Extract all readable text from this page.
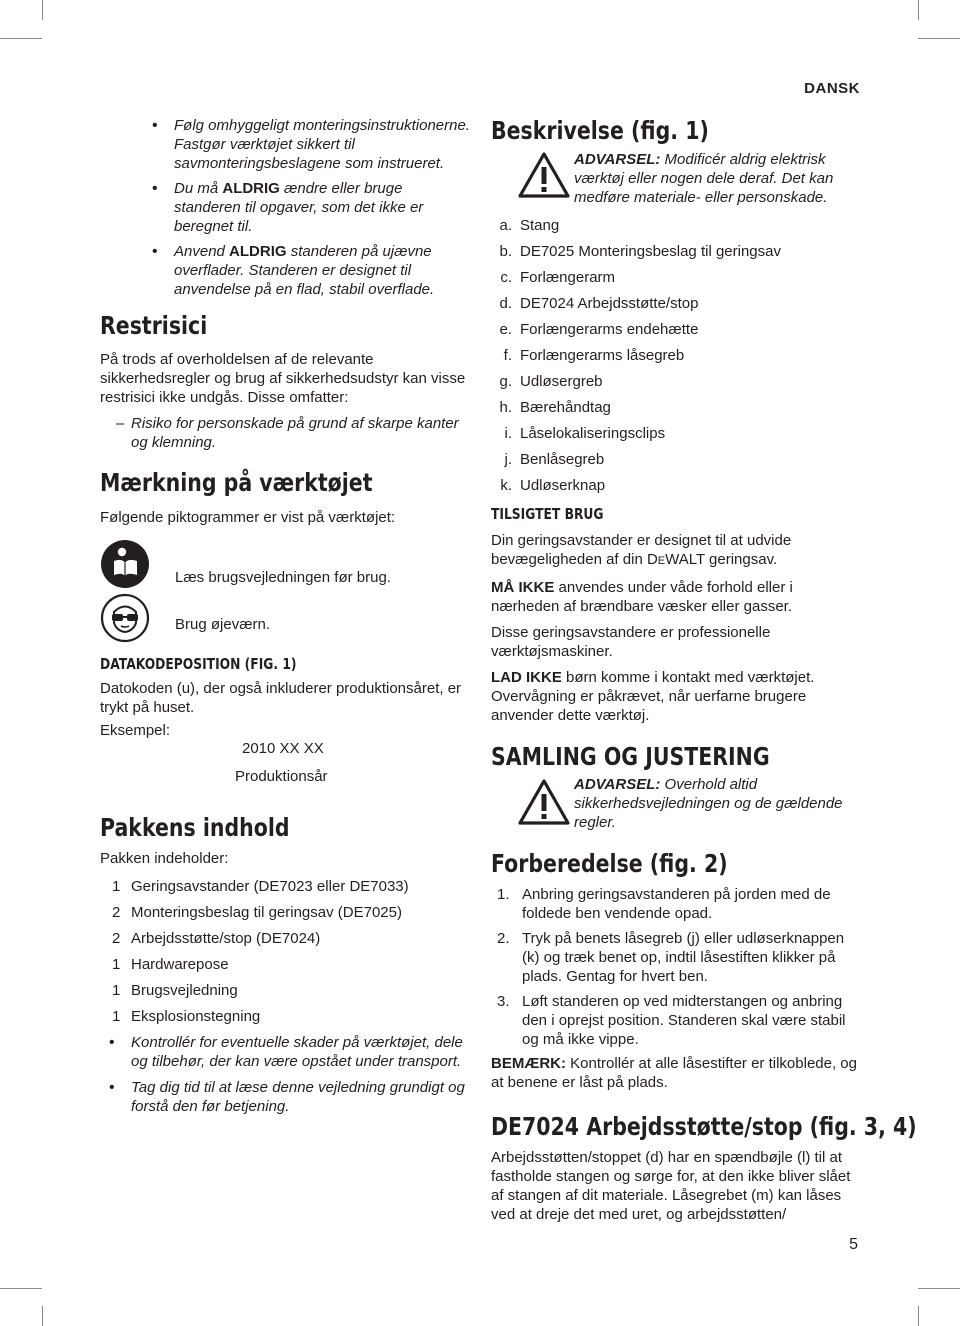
DANSK
• Følg omhyggeligt monteringsinstruktionerne. Fastgør værktøjet sikkert til savmonteringsbeslagene som instrueret.
• Du må ALDRIG ændre eller bruge standeren til opgaver, som det ikke er beregnet til.
• Anvend ALDRIG standeren på ujævne overflader. Standeren er designet til anvendelse på en flad, stabil overflade.
Restrisici

På trods af overholdelsen af de relevante sikkerhedsregler og brug af sikkerhedsudstyr kan visse restrisici ikke undgås. Disse omfatter:

– Risiko for personskade på grund af skarpe kanter og klemning.
Mærkning på værktøjet

Følgende piktogrammer er vist på værktøjet:

Læs brugsvejledningen før brug.
Brug øjeværn.
DATAKODEPOSITION (FIG. 1)

Datokoden (u), der også inkluderer produktionsåret, er trykt på huset.

Eksempel:
2010 XX XX
Produktionsår
Pakkens indhold

Pakken indeholder:

1 Geringsavstander (DE7023 eller DE7033)
2 Monteringsbeslag til geringsav (DE7025)
2 Arbejdsstøtte/stop (DE7024)
1 Hardwarepose
1 Brugsvejledning
1 Eksplosionstegning
• Kontrollér for eventuelle skader på værktøjet, dele og tilbehør, der kan være opstået under transport.
• Tag dig tid til at læse denne vejledning grundigt og forstå den før betjening.
Beskrivelse (fig. 1)
ADVARSEL: Modificér aldrig elektrisk værktøj eller nogen dele deraf. Det kan medføre materiale- eller personskade.
a. Stang
b. DE7025 Monteringsbeslag til geringsav
c. Forlængerarm
d. DE7024 Arbejdsstøtte/stop
e. Forlængerarms endehætte
f. Forlængerarms låsegreb
g. Udløsergreb
h. Bærehåndtag
i. Låselokaliseringsclips
j. Benlåsegreb
k. Udløserknap
TILSIGTET BRUG

Din geringsavstander er designet til at udvide bevægeligheden af din DEWALT geringsav.

MÅ IKKE anvendes under våde forhold eller i nærheden af brændbare væsker eller gasser.

Disse geringsavstandere er professionelle værktøjsmaskiner.

LAD IKKE børn komme i kontakt med værktøjet. Overvågning er påkrævet, når uerfarne brugere anvender dette værktøj.

SAMLING OG JUSTERING
ADVARSEL: Overhold altid sikkerhedsvejledningen og de gældende regler.
Forberedelse (fig. 2)
1. Anbring geringsavstanderen på jorden med de foldede ben vendende opad.
2. Tryk på benets låsegreb (j) eller udløserknappen (k) og træk benet op, indtil låsestiften klikker på plads. Gentag for hvert ben.
3. Løft standeren op ved midterstangen og anbring den i oprejst position. Standeren skal være stabil og må ikke vippe.

BEMÆRK: Kontrollér at alle låsestifter er tilkoblede, og at benene er låst på plads.

DE7024 Arbejdsstøtte/stop (fig. 3, 4)

Arbejdsstøtten/stoppet (d) har en spændbøjle (l) til at fastholde stangen og sørge for, at den ikke bliver slået af stangen af dit materiale. Låsegrebet (m) kan låses ved at dreje det med uret, og arbejdsstøtten/

5
